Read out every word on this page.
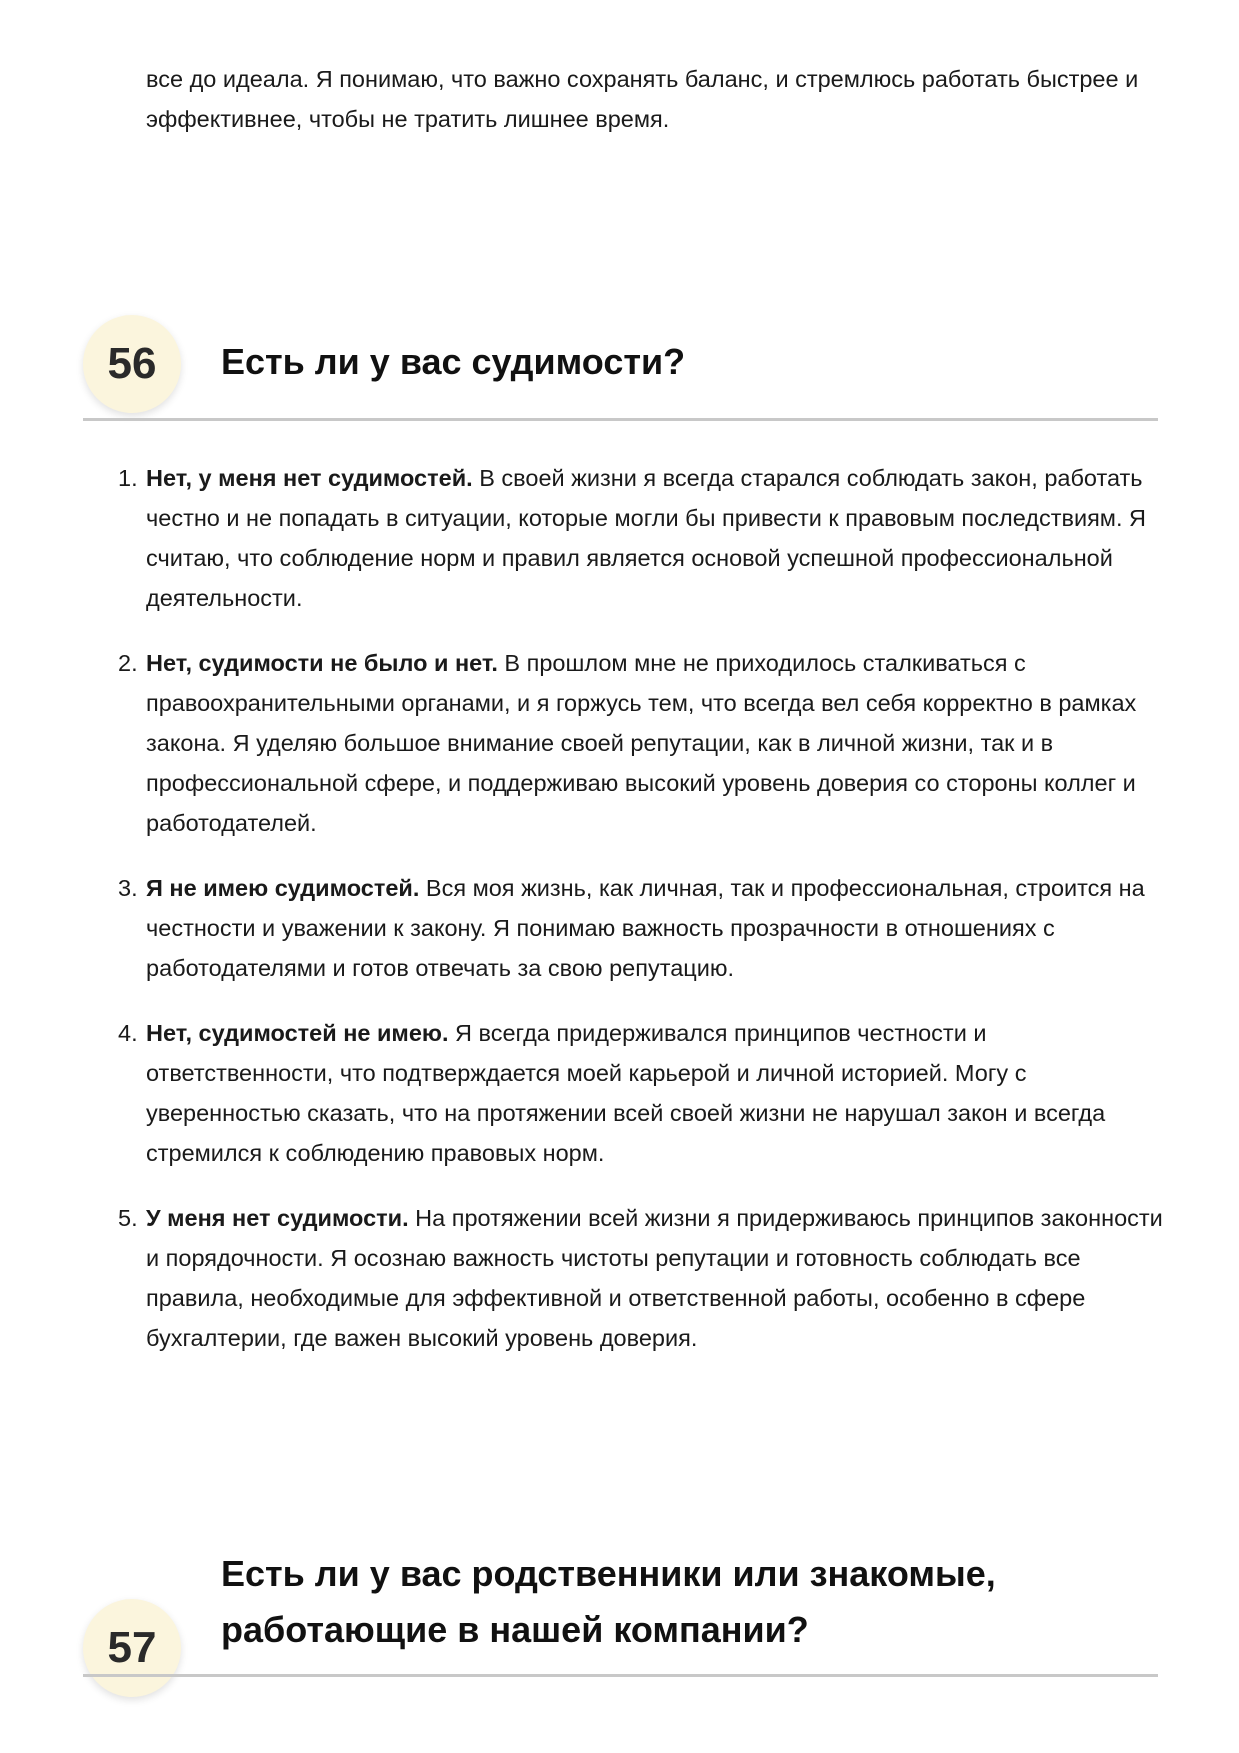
все до идеала. Я понимаю, что важно сохранять баланс, и стремлюсь работать быстрее и эффективнее, чтобы не тратить лишнее время.

56	Есть ли у вас судимости?
1. Нет, у меня нет судимостей. В своей жизни я всегда старался соблюдать закон, работать честно и не попадать в ситуации, которые могли бы привести к правовым последствиям. Я считаю, что соблюдение норм и правил является основой успешной профессиональной деятельности.
2. Нет, судимости не было и нет. В прошлом мне не приходилось сталкиваться с правоохранительными органами, и я горжусь тем, что всегда вел себя корректно в рамках закона. Я уделяю большое внимание своей репутации, как в личной жизни, так и в профессиональной сфере, и поддерживаю высокий уровень доверия со стороны коллег и работодателей.
3. Я не имею судимостей. Вся моя жизнь, как личная, так и профессиональная, строится на честности и уважении к закону. Я понимаю важность прозрачности в отношениях с работодателями и готов отвечать за свою репутацию.
4. Нет, судимостей не имею. Я всегда придерживался принципов честности и ответственности, что подтверждается моей карьерой и личной историей. Могу с уверенностью сказать, что на протяжении всей своей жизни не нарушал закон и всегда стремился к соблюдению правовых норм.
5. У меня нет судимости. На протяжении всей жизни я придерживаюсь принципов законности и порядочности. Я осознаю важность чистоты репутации и готовность соблюдать все правила, необходимые для эффективной и ответственной работы, особенно в сфере бухгалтерии, где важен высокий уровень доверия.
57
Есть ли у вас родственники или знакомые, работающие в нашей компании?
